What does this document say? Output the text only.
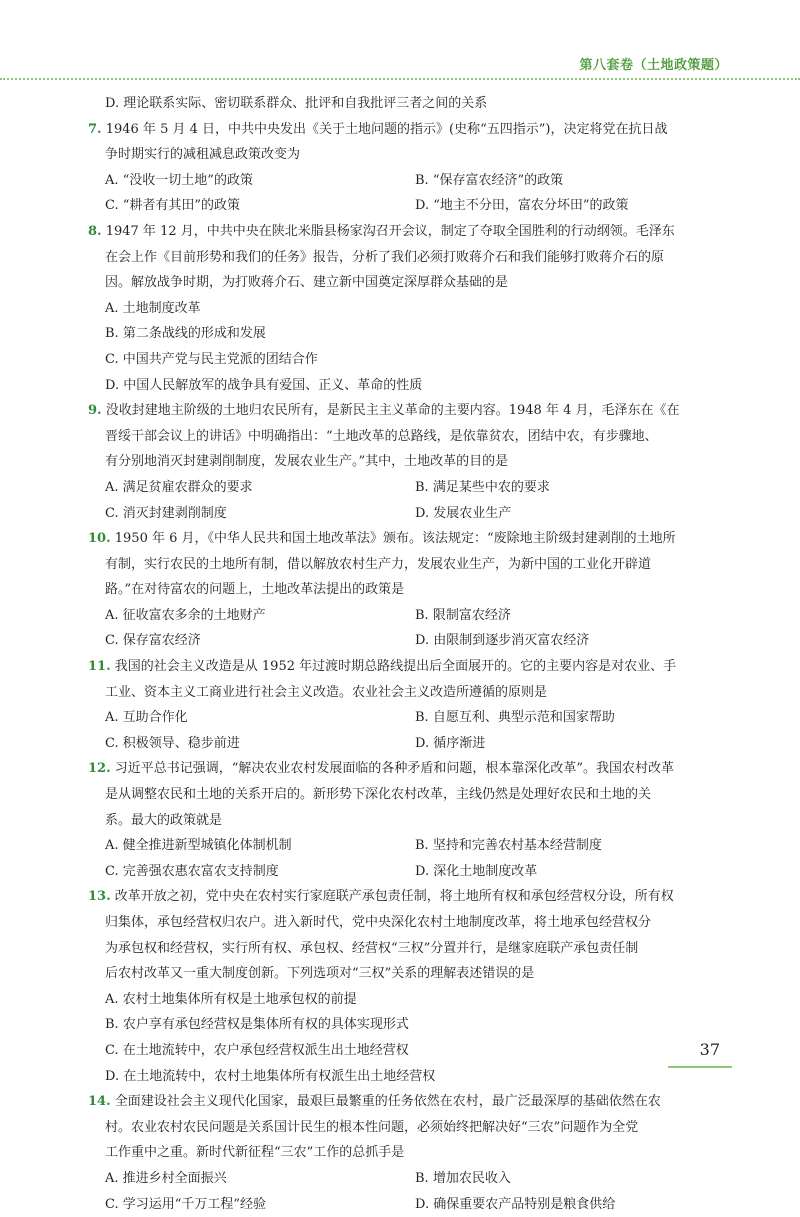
第八套卷（土地政策题）
D. 理论联系实际、密切联系群众、批评和自我批评三者之间的关系
7. 1946 年 5 月 4 日，中共中央发出《关于土地问题的指示》(史称“五四指示”)，决定将党在抗日战
争时期实行的减租减息政策改变为
A. “没收一切土地”的政策	B. “保存富农经济”的政策
C. “耕者有其田”的政策	D. “地主不分田，富农分坏田”的政策
8. 1947 年 12 月，中共中央在陕北米脂县杨家沟召开会议，制定了夺取全国胜利的行动纲领。毛泽东
在会上作《目前形势和我们的任务》报告，分析了我们必须打败蒋介石和我们能够打败蒋介石的原
因。解放战争时期，为打败蒋介石、建立新中国奠定深厚群众基础的是
A. 土地制度改革
B. 第二条战线的形成和发展
C. 中国共产党与民主党派的团结合作
D. 中国人民解放军的战争具有爱国、正义、革命的性质
9. 没收封建地主阶级的土地归农民所有，是新民主主义革命的主要内容。1948 年 4 月，毛泽东在《在
晋绥干部会议上的讲话》中明确指出：“土地改革的总路线，是依靠贫农，团结中农，有步骤地、
有分别地消灭封建剥削制度，发展农业生产。”其中，土地改革的目的是
A. 满足贫雇农群众的要求	B. 满足某些中农的要求
C. 消灭封建剥削制度	D. 发展农业生产
10. 1950 年 6 月，《中华人民共和国土地改革法》颁布。该法规定：“废除地主阶级封建剥削的土地所
有制，实行农民的土地所有制，借以解放农村生产力，发展农业生产，为新中国的工业化开辟道
路。”在对待富农的问题上，土地改革法提出的政策是
A. 征收富农多余的土地财产	B. 限制富农经济
C. 保存富农经济	D. 由限制到逐步消灭富农经济
11. 我国的社会主义改造是从 1952 年过渡时期总路线提出后全面展开的。它的主要内容是对农业、手
工业、资本主义工商业进行社会主义改造。农业社会主义改造所遵循的原则是
A. 互助合作化	B. 自愿互利、典型示范和国家帮助
C. 积极领导、稳步前进	D. 循序渐进
12. 习近平总书记强调，“解决农业农村发展面临的各种矛盾和问题，根本靠深化改革”。我国农村改革
是从调整农民和土地的关系开启的。新形势下深化农村改革，主线仍然是处理好农民和土地的关
系。最大的政策就是
A. 健全推进新型城镇化体制机制	B. 坚持和完善农村基本经营制度
C. 完善强农惠农富农支持制度	D. 深化土地制度改革
13. 改革开放之初，党中央在农村实行家庭联产承包责任制，将土地所有权和承包经营权分设，所有权
归集体，承包经营权归农户。进入新时代，党中央深化农村土地制度改革，将土地承包经营权分
为承包权和经营权，实行所有权、承包权、经营权“三权”分置并行，是继家庭联产承包责任制
后农村改革又一重大制度创新。下列选项对“三权”关系的理解表述错误的是
A. 农村土地集体所有权是土地承包权的前提
B. 农户享有承包经营权是集体所有权的具体实现形式
C. 在土地流转中，农户承包经营权派生出土地经营权
D. 在土地流转中，农村土地集体所有权派生出土地经营权
14. 全面建设社会主义现代化国家，最艰巨最繁重的任务依然在农村，最广泛最深厚的基础依然在农
村。农业农村农民问题是关系国计民生的根本性问题，必须始终把解决好“三农”问题作为全党
工作重中之重。新时代新征程“三农”工作的总抓手是
A. 推进乡村全面振兴	B. 增加农民收入
C. 学习运用“千万工程”经验	D. 确保重要农产品特别是粮食供给
37
